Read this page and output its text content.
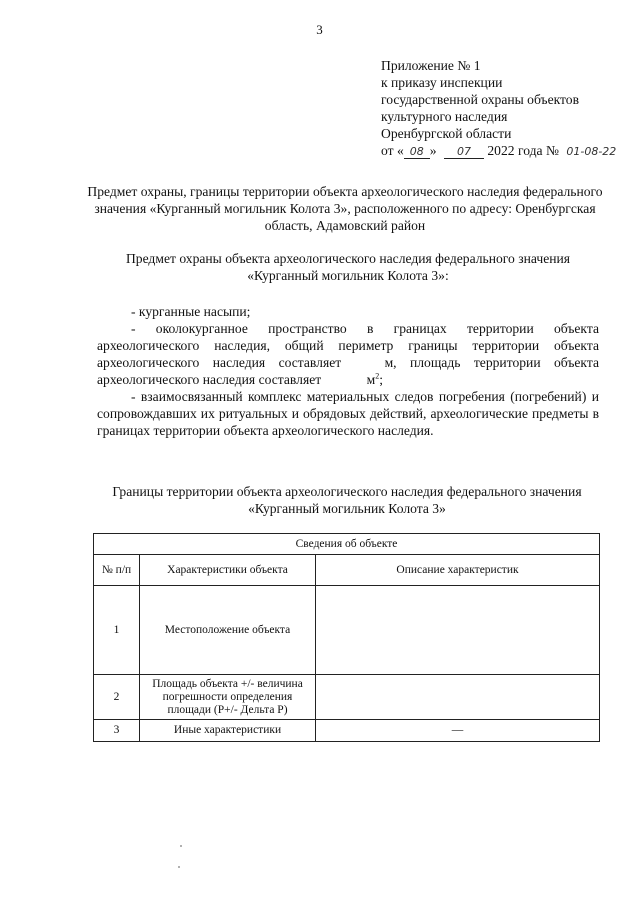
3
Приложение № 1
к приказу инспекции
государственной охраны объектов
культурного наследия
Оренбургской области
от « 08 » 07 2022 года № 01-08-22
Предмет охраны, границы территории объекта археологического наследия федерального значения «Курганный могильник Колота 3», расположенного по адресу: Оренбургская область, Адамовский район
Предмет охраны объекта археологического наследия федерального значения «Курганный могильник Колота 3»:

- курганные насыпи;

- околокурганное пространство в границах территории объекта археологического наследия, общий периметр границы территории объекта археологического наследия составляет	м, площадь территории объекта археологического наследия составляет	$м^2$;

- взаимосвязанный комплекс материальных следов погребения (погребений) и сопровождавших их ритуальных и обрядовых действий, археологические предметы в границах территории объекта археологического наследия.

Границы территории объекта археологического наследия федерального значения «Курганный могильник Колота 3»
Сведения об объекте		
№ п/п	Характеристики объекта	Описание характеристик
1	Местоположение объекта	
2	Площадь объекта +/- величина погрешности определения площади (Р+/- Дельта Р)	
3	Иные характеристики	—
